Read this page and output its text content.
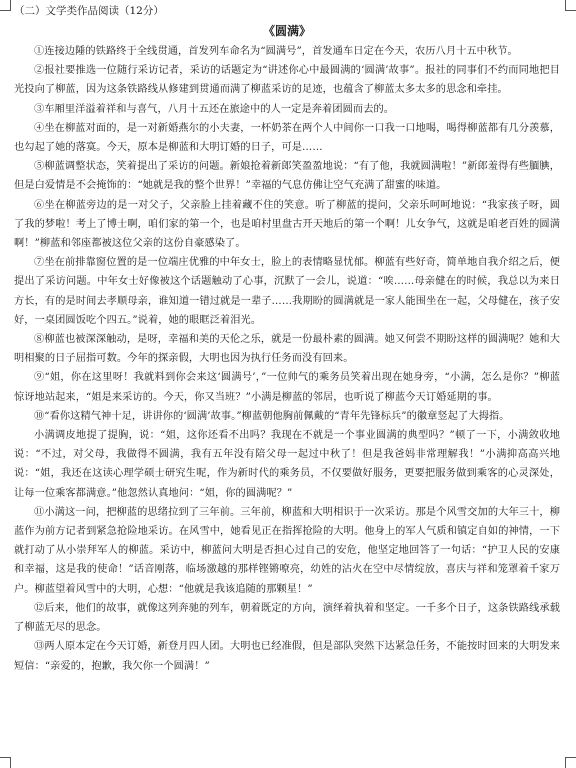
（二）文学类作品阅读（12分）

《圆满》

①连接边陲的铁路终于全线贯通，首发列车命名为“圆满号”，首发通车日定在今天，农历八月十五中秋节。

②报社要推选一位随行采访记者，采访的话题定为“讲述你心中最圆满的‘圆满’故事”。报社的同事们不约而同地把目光投向了柳蓝，因为这条铁路线从修建到贯通而满了柳蓝采访的足迹，也蕴含了柳蓝太多太多的思念和牵挂。

③车厢里洋溢着祥和与喜气，八月十五还在旅途中的人一定是奔着团圆而去的。

④坐在柳蓝对面的，是一对新婚燕尔的小夫妻，一杯奶茶在两个人中间你一口我一口地喝，喝得柳蓝都有几分羡慕，也勾起了她的落寞。今天，原本是柳蓝和大明订婚的日子，可是……

⑤柳蓝调整状态，笑着提出了采访的问题。新娘抢着新郎笑盈盈地说：“有了他，我就圆满啦！”新郎羞得有些腼腆，但是白爱情是不会掩饰的：“她就是我的整个世界！”幸福的气息仿佛让空气充满了甜蜜的味道。

⑥坐在柳蓝旁边的是一对父子，父亲脸上挂着藏不住的笑意。听了柳蓝的提问，父亲乐呵呵地说：“我家孩子呀，圆了我的梦啦！考上了博士啊，咱们家的第一个，也是咱村里盘古开天地后的第一个啊！儿女争气，这就是咱老百姓的圆满啊！”柳蓝和邻座都被这位父亲的这份自豪感染了。

⑦坐在前排靠窗位置的是一位端庄优雅的中年女士，脸上的表情略显忧郁。柳蓝有些好奇，简单地自我介绍之后，便提出了采访问题。中年女士好像被这个话题触动了心事，沉默了一会儿，说道：“唉……母亲健在的时候，我总以为来日方长，有的是时间去孝顺母亲，谁知道一错过就是一辈子……我期盼的圆满就是一家人能围坐在一起，父母健在，孩子安好，一桌团圆饭吃个四五。”说着，她的眼眶泛着泪光。

⑧柳蓝也被深深触动，是呀，幸福和美的天伦之乐，就是一份最朴素的圆满。她又何尝不期盼这样的圆满呢？她和大明相聚的日子屈指可数。今年的探亲假，大明也因为执行任务而没有回来。

⑨“姐，你在这里呀！我就料到你会来这‘圆满号’，”一位帅气的乘务员笑着出现在她身旁，“小满，怎么是你？”柳蓝惊讶地站起来，“姐是来采访的。今天，你又当班？”小满是柳蓝的邻居，也听说了柳蓝今天订婚延期的事。

⑩“看你这精气神十足，讲讲你的‘圆满’故事。”柳蓝朝他胸前佩戴的“青年先锋标兵”的徽章竖起了大拇指。

小满调皮地提了提胸，说：“姐，这你还看不出吗？我现在不就是一个事业圆满的典型吗？”顿了一下，小满敛收地说：“不过，对父母，我做得不圆满，我有五年没有陪父母一起过中秋了！但是我爸妈非常理解我！”小满抑高高兴地说：“姐，我还在这读心理学硕士研究生呢，作为新时代的乘务员，不仅要做好服务，更要把服务做到乘客的心灵深处，让每一位乘客都满意。”他忽然认真地问：“姐，你的圆满呢？”

⑪小满这一问，把柳蓝的思绪拉到了三年前。三年前，柳蓝和大明相识于一次采访。那是个风雪交加的大年三十，柳蓝作为前方记者到紧急抢险地采访。在风雪中，她看见正在指挥抢险的大明。他身上的军人气质和镇定自如的神情，一下就打动了从小崇拜军人的柳蓝。采访中，柳蓝问大明是否担心过自己的安危，他坚定地回答了一句话：“护卫人民的安康和幸福，这是我的使命！”话音刚落，临场激越的那样铿锵嘹亮，幼姓的沾火在空中尽情绽放，喜庆与祥和笼罩着千家万户。柳蓝望着风雪中的大明，心想：“他就是我该追随的那颗星！”

⑫后来，他们的故事，就像这列奔驰的列车，朝着既定的方向，演绎着执着和坚定。一千多个日子，这条铁路线承载了柳蓝无尽的思念。

⑬两人原本定在今天订婚，新登月四人团。大明也已经准假，但是部队突然下达紧急任务，不能按时回来的大明发来短信：“亲爱的，抱歉，我欠你一个圆满！”
